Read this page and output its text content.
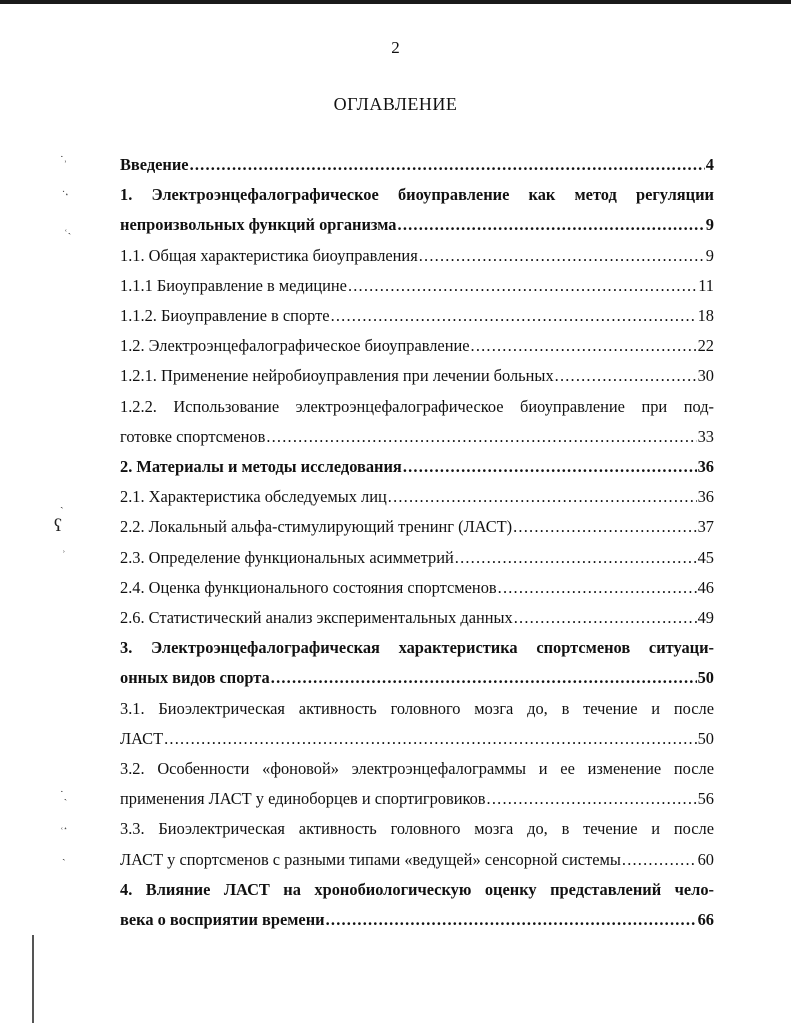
˙˒
ˑ˔
˓ˏ
ˎ
ʕ
˒
˙ˏ
˓˔
ˎ
2
ОГЛАВЛЕНИЕ
Введение .....	4
1. Электроэнцефалографическое биоуправление как метод регуляции
непроизвольных функций организма .....	9
1.1. Общая характеристика биоуправления .....	9
1.1.1 Биоуправление в медицине .....	11
1.1.2. Биоуправление в спорте .....	18
1.2. Электроэнцефалографическое биоуправление .....	22
1.2.1. Применение нейробиоуправления при лечении больных .....	30
1.2.2. Использование электроэнцефалографическое биоуправление при под-
готовке спортсменов .....	33
2. Материалы и методы исследования .....	36
2.1. Характеристика обследуемых лиц .....	36
2.2. Локальный альфа-стимулирующий тренинг (ЛАСТ) .....	37
2.3. Определение функциональных асимметрий .....	45
2.4. Оценка функционального состояния спортсменов .....	46
2.6. Статистический анализ экспериментальных данных .....	49
3. Электроэнцефалографическая характеристика спортсменов ситуаци-
онных видов спорта .....	50
3.1. Биоэлектрическая активность головного мозга до, в течение и после
ЛАСТ .....	50
3.2. Особенности «фоновой» электроэнцефалограммы и ее изменение после
применения ЛАСТ у единоборцев и спортигровиков .....	56
3.3. Биоэлектрическая активность головного мозга до, в течение и после
ЛАСТ у спортсменов с разными типами «ведущей» сенсорной системы .....	60
4. Влияние ЛАСТ на хронобиологическую оценку представлений чело-
века о восприятии времени .....	66
